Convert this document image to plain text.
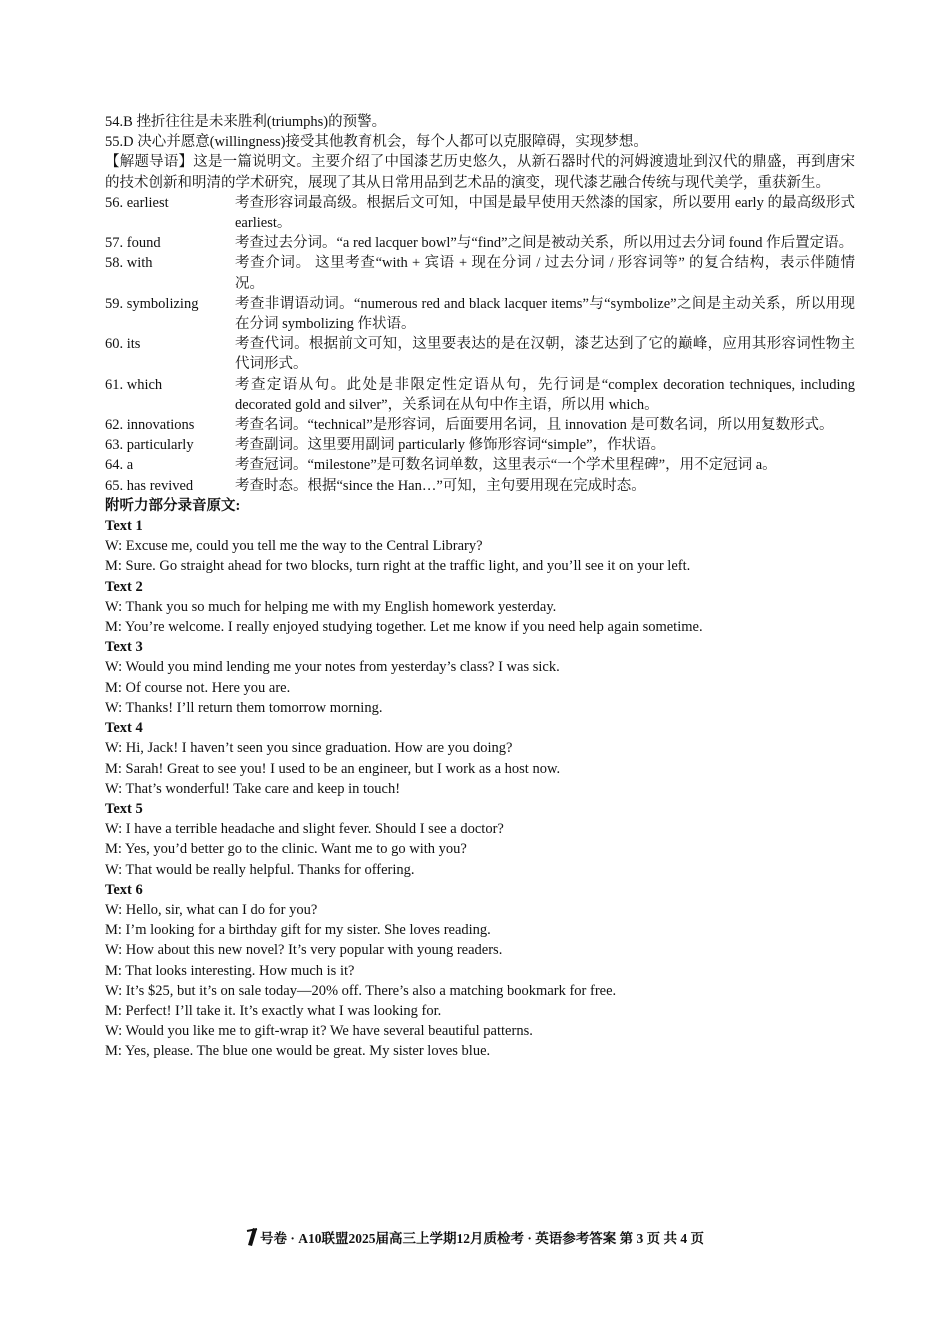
54.B 挫折往往是未来胜利(triumphs)的预警。

55.D 决心并愿意(willingness)接受其他教育机会，每个人都可以克服障碍，实现梦想。

【解题导语】这是一篇说明文。主要介绍了中国漆艺历史悠久，从新石器时代的河姆渡遗址到汉代的鼎盛，再到唐宋的技术创新和明清的学术研究，展现了其从日常用品到艺术品的演变，现代漆艺融合传统与现代美学，重获新生。

56. earliest	考查形容词最高级。根据后文可知，中国是最早使用天然漆的国家，所以要用 early 的最高级形式 earliest。
57. found	考查过去分词。“a red lacquer bowl”与“find”之间是被动关系，所以用过去分词 found 作后置定语。
58. with	考查介词。 这里考查“with + 宾语 + 现在分词 / 过去分词 / 形容词等” 的复合结构，表示伴随情况。
59. symbolizing	考查非谓语动词。“numerous red and black lacquer items”与“symbolize”之间是主动关系，所以用现在分词 symbolizing 作状语。
60. its	考查代词。根据前文可知，这里要表达的是在汉朝，漆艺达到了它的巅峰，应用其形容词性物主代词形式。
61. which	考查定语从句。此处是非限定性定语从句，先行词是“complex decoration techniques, including decorated gold and silver”，关系词在从句中作主语，所以用 which。
62. innovations	考查名词。“technical”是形容词，后面要用名词，且 innovation 是可数名词，所以用复数形式。
63. particularly	考查副词。这里要用副词 particularly 修饰形容词“simple”，作状语。
64. a	考查冠词。“milestone”是可数名词单数，这里表示“一个学术里程碑”，用不定冠词 a。
65. has revived	考查时态。根据“since the Han…”可知，主句要用现在完成时态。

附听力部分录音原文:

Text 1

W: Excuse me, could you tell me the way to the Central Library?

M: Sure. Go straight ahead for two blocks, turn right at the traffic light, and you’ll see it on your left.

Text 2

W: Thank you so much for helping me with my English homework yesterday.

M: You’re welcome. I really enjoyed studying together. Let me know if you need help again sometime.

Text 3

W: Would you mind lending me your notes from yesterday’s class? I was sick.

M: Of course not. Here you are.

W: Thanks! I’ll return them tomorrow morning.

Text 4

W: Hi, Jack! I haven’t seen you since graduation. How are you doing?

M: Sarah! Great to see you! I used to be an engineer, but I work as a host now.

W: That’s wonderful! Take care and keep in touch!

Text 5

W: I have a terrible headache and slight fever. Should I see a doctor?

M: Yes, you’d better go to the clinic. Want me to go with you?

W: That would be really helpful. Thanks for offering.

Text 6

W: Hello, sir, what can I do for you?

M: I’m looking for a birthday gift for my sister. She loves reading.

W: How about this new novel? It’s very popular with young readers.

M: That looks interesting. How much is it?

W: It’s $25, but it’s on sale today—20% off. There’s also a matching bookmark for free.

M: Perfect! I’ll take it. It’s exactly what I was looking for.

W: Would you like me to gift-wrap it? We have several beautiful patterns.

M: Yes, please. The blue one would be great. My sister loves blue.

号卷 · A10联盟2025届高三上学期12月质检考 · 英语参考答案 第 3 页 共 4 页
